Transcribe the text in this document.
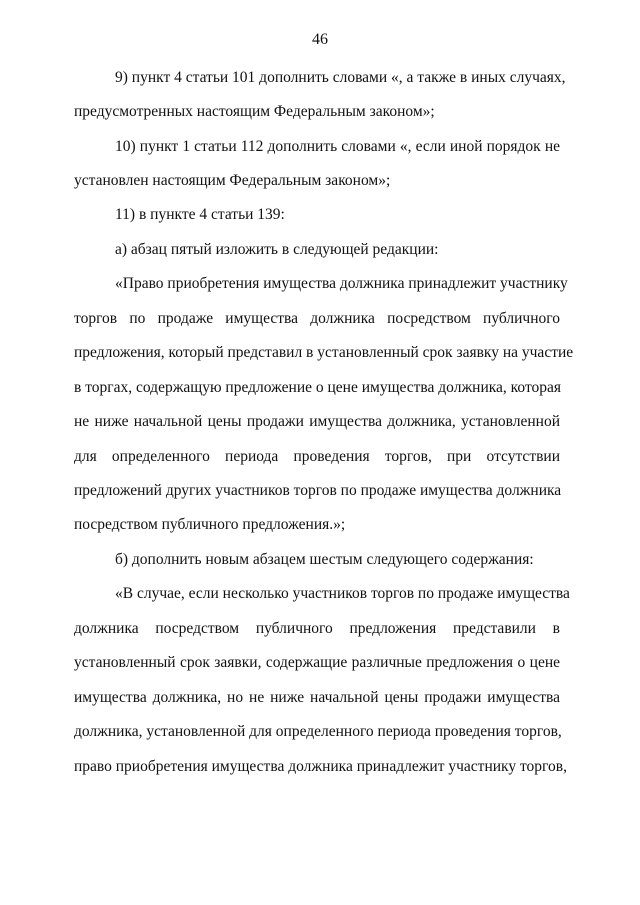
46
9) пункт 4 статьи 101 дополнить словами «, а также в иных случаях,
предусмотренных настоящим Федеральным законом»;
10) пункт 1 статьи 112 дополнить словами «, если иной порядок не
установлен настоящим Федеральным законом»;
11) в пункте 4 статьи 139:
а) абзац пятый изложить в следующей редакции:
«Право приобретения имущества должника принадлежит участнику
торгов по продаже имущества должника посредством публичного
предложения, который представил в установленный срок заявку на участие
в торгах, содержащую предложение о цене имущества должника, которая
не ниже начальной цены продажи имущества должника, установленной
для определенного периода проведения торгов, при отсутствии
предложений других участников торгов по продаже имущества должника
посредством публичного предложения.»;
б) дополнить новым абзацем шестым следующего содержания:
«В случае, если несколько участников торгов по продаже имущества
должника посредством публичного предложения представили в
установленный срок заявки, содержащие различные предложения о цене
имущества должника, но не ниже начальной цены продажи имущества
должника, установленной для определенного периода проведения торгов,
право приобретения имущества должника принадлежит участнику торгов,
